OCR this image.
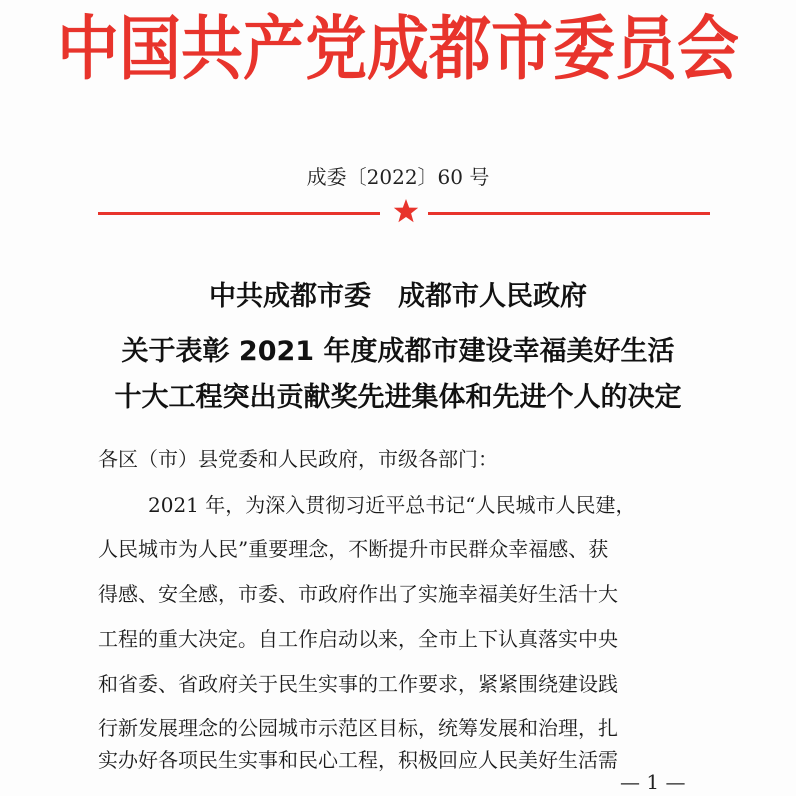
中国共产党成都市委员会
成委〔2022〕60 号
中共成都市委　成都市人民政府
关于表彰 2021 年度成都市建设幸福美好生活
十大工程突出贡献奖先进集体和先进个人的决定
各区（市）县党委和人民政府，市级各部门：
2021 年，为深入贯彻习近平总书记“人民城市人民建，
人民城市为人民”重要理念，不断提升市民群众幸福感、获
得感、安全感，市委、市政府作出了实施幸福美好生活十大
工程的重大决定。自工作启动以来，全市上下认真落实中央
和省委、省政府关于民生实事的工作要求，紧紧围绕建设践
行新发展理念的公园城市示范区目标，统筹发展和治理，扎
实办好各项民生实事和民心工程，积极回应人民美好生活需
— 1 —
